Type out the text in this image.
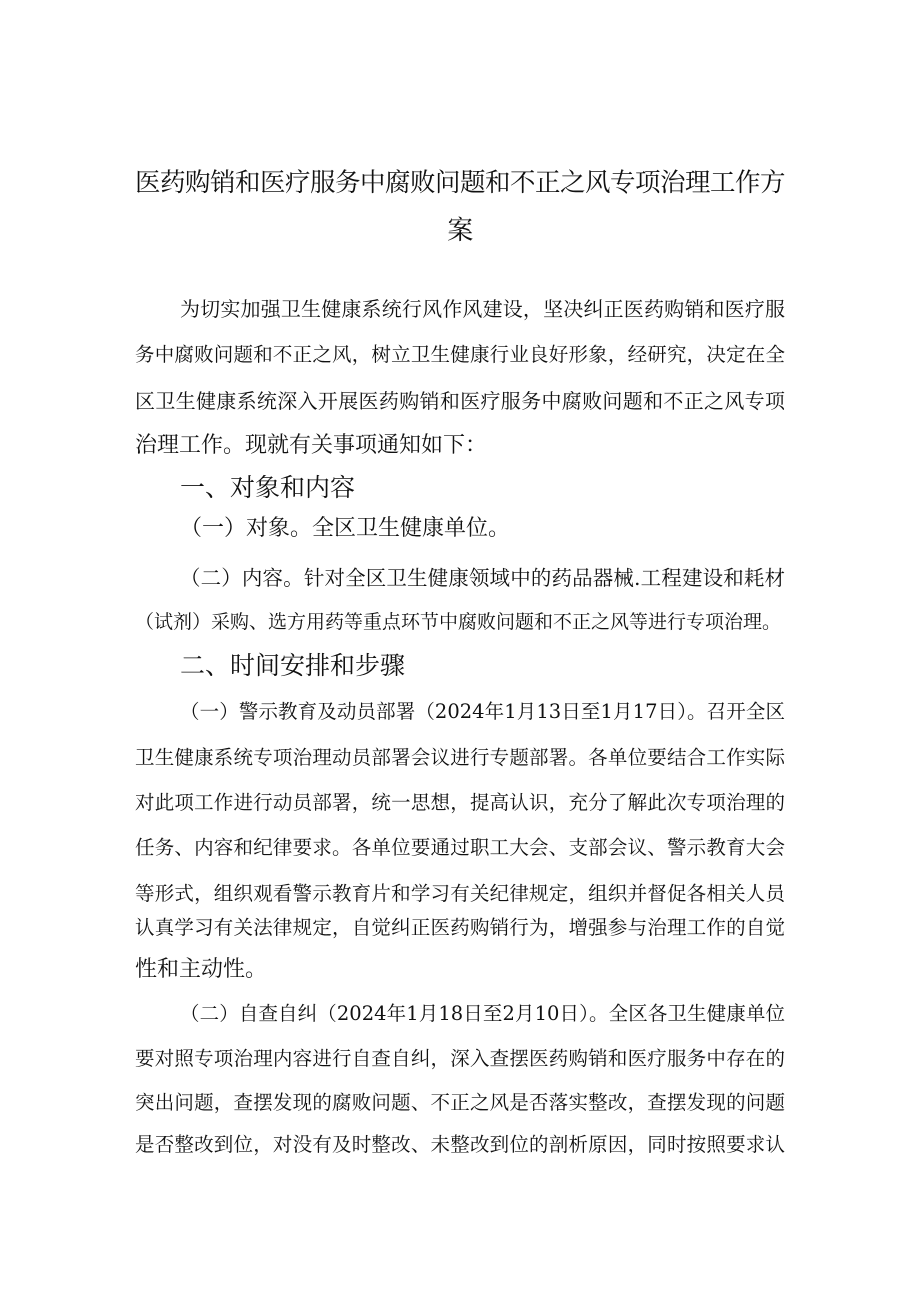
医药购销和医疗服务中腐败问题和不正之风专项治理工作方
案
为切实加强卫生健康系统行风作风建设，坚决纠正医药购销和医疗服
务中腐败问题和不正之风，树立卫生健康行业良好形象，经研究，决定在全
区卫生健康系统深入开展医药购销和医疗服务中腐败问题和不正之风专项
治理工作。现就有关事项通知如下：
一、对象和内容
（一）对象。全区卫生健康单位。
（二）内容。针对全区卫生健康领域中的药品器械.工程建设和耗材
（试剂）采购、选方用药等重点环节中腐败问题和不正之风等进行专项治理。
二、时间安排和步骤
（一）警示教育及动员部署（2024年1月13日至1月17日）。召开全区
卫生健康系统专项治理动员部署会议进行专题部署。各单位要结合工作实际
对此项工作进行动员部署，统一思想，提高认识，充分了解此次专项治理的
任务、内容和纪律要求。各单位要通过职工大会、支部会议、警示教育大会
等形式，组织观看警示教育片和学习有关纪律规定，组织并督促各相关人员
认真学习有关法律规定，自觉纠正医药购销行为，增强参与治理工作的自觉
性和主动性。
（二）自查自纠（2024年1月18日至2月10日）。全区各卫生健康单位
要对照专项治理内容进行自查自纠，深入查摆医药购销和医疗服务中存在的
突出问题，查摆发现的腐败问题、不正之风是否落实整改，查摆发现的问题
是否整改到位，对没有及时整改、未整改到位的剖析原因，同时按照要求认
